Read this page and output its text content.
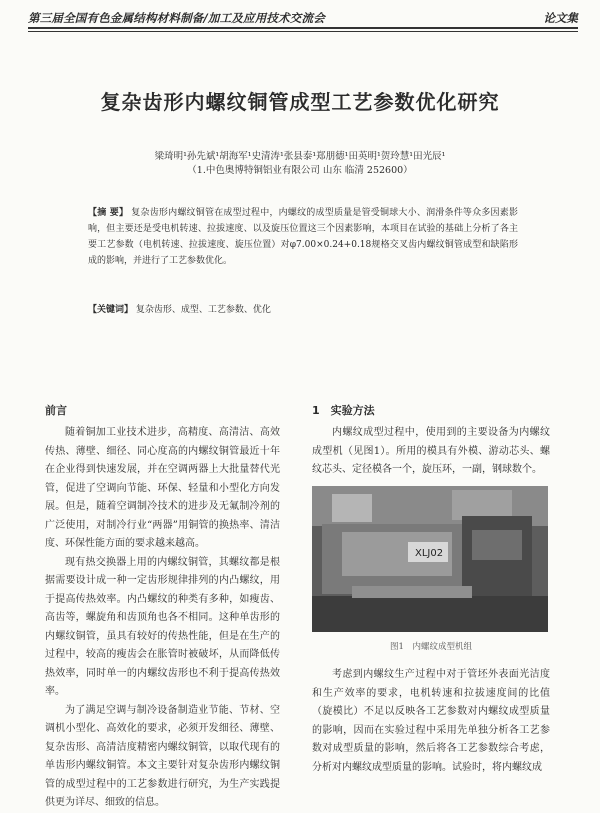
第三届全国有色金属结构材料制备/加工及应用技术交流会	论文集
复杂齿形内螺纹铜管成型工艺参数优化研究
梁琦明¹孙先斌¹胡海军¹史清涛¹张县泰¹郑朋德¹田英明¹贺玲慧¹田光辰¹
（1.中色奥博特铜铝业有限公司 山东 临清 252600）
【摘 要】 复杂齿形内螺纹铜管在成型过程中，内螺纹的成型质量是管受铜球大小、润滑条件等众多因素影响，但主要还是受电机转速、拉拔速度、以及旋压位置这三个因素影响，本项目在试验的基础上分析了各主要工艺参数（电机转速、拉拔速度、旋压位置）对φ7.00×0.24+0.18规格交叉齿内螺纹铜管成型和缺陷形成的影响，并进行了工艺参数优化。
【关键词】 复杂齿形、成型、工艺参数、优化
前言

随着铜加工业技术进步，高精度、高清洁、高效传热、薄壁、细径、同心度高的内螺纹铜管最近十年在企业得到快速发展，并在空调两器上大批量替代光管，促进了空调向节能、环保、轻量和小型化方向发展。但是，随着空调制冷技术的进步及无氟制冷剂的广泛使用，对制冷行业“两器”用铜管的换热率、清洁度、环保性能方面的要求越来越高。

现有热交换器上用的内螺纹铜管，其螺纹都是根据需要设计成一种一定齿形规律排列的内凸螺纹，用于提高传热效率。内凸螺纹的种类有多种，如瘦齿、高齿等，螺旋角和齿顶角也各不相同。这种单齿形的内螺纹铜管，虽具有较好的传热性能，但是在生产的过程中，较高的瘦齿会在胀管时被破坏，从而降低传热效率，同时单一的内螺纹齿形也不利于提高传热效率。

为了满足空调与制冷设备制造业节能、节材、空调机小型化、高效化的要求，必须开发细径、薄壁、复杂齿形、高清洁度精密内螺纹铜管，以取代现有的单齿形内螺纹铜管。本文主要针对复杂齿形内螺纹铜管的成型过程中的工艺参数进行研究，为生产实践提供更为详尽、细致的信息。

1　实验方法

内螺纹成型过程中，使用到的主要设备为内螺纹成型机（见图1）。所用的模具有外模、游动芯头、螺纹芯头、定径模各一个，旋压环，一副，钢球数个。

XLJ02
图1　内螺纹成型机组

考虑到内螺纹生产过程中对于管坯外表面光洁度和生产效率的要求，电机转速和拉拔速度间的比值（旋模比）不足以反映各工艺参数对内螺纹成型质量的影响，因而在实验过程中采用先单独分析各工艺参数对成型质量的影响，然后将各工艺参数综合考虑，分析对内螺纹成型质量的影响。试验时，将内螺纹成
